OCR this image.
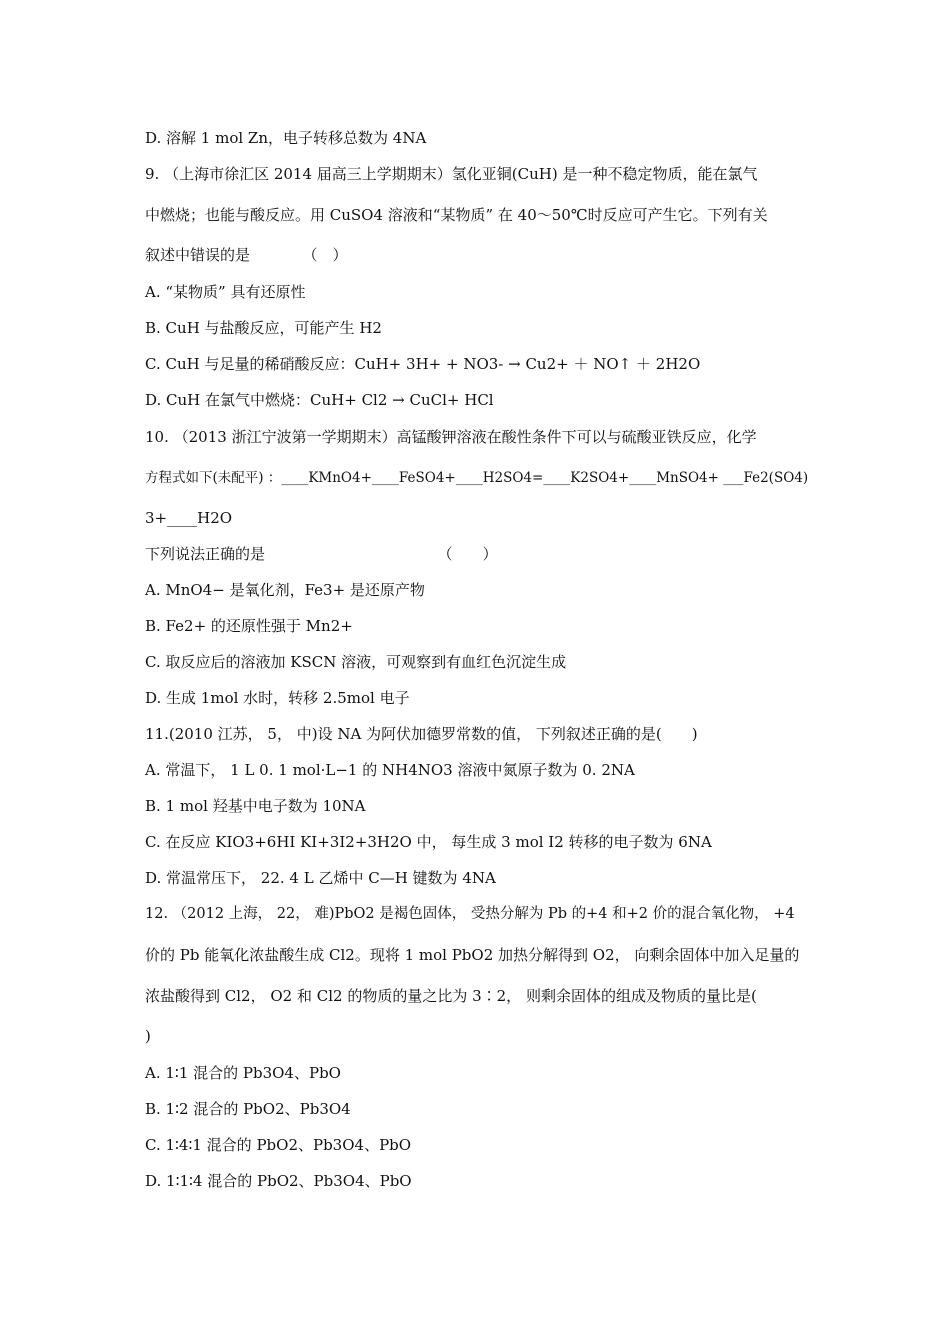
D. 溶解 1 mol Zn，电子转移总数为 4NA
9. （上海市徐汇区 2014 届高三上学期期末）氢化亚铜(CuH) 是一种不稳定物质，能在氯气
中燃烧；也能与酸反应。用 CuSO4 溶液和“某物质” 在 40～50℃时反应可产生它。下列有关
叙述中错误的是　　　　（　）
A. “某物质” 具有还原性
B. CuH 与盐酸反应，可能产生 H2
C. CuH 与足量的稀硝酸反应：CuH+ 3H+ + NO3- → Cu2+ ＋ NO↑ ＋ 2H2O
D. CuH 在氯气中燃烧：CuH+ Cl2 → CuCl+ HCl
10. （2013 浙江宁波第一学期期末）高锰酸钾溶液在酸性条件下可以与硫酸亚铁反应，化学
方程式如下(未配平) ：____KMnO4+____FeSO4+____H2SO4=____K2SO4+____MnSO4+ ___Fe2(SO4)
3+____H2O
下列说法正确的是　　　　　　　　　　　　（　　）
A. MnO4− 是氧化剂，Fe3+ 是还原产物
B. Fe2+ 的还原性强于 Mn2+
C. 取反应后的溶液加 KSCN 溶液，可观察到有血红色沉淀生成
D. 生成 1mol 水时，转移 2.5mol 电子
11.(2010 江苏， 5， 中)设 NA 为阿伏加德罗常数的值， 下列叙述正确的是(　　)
A. 常温下， 1 L 0. 1 mol·L−1 的 NH4NO3 溶液中氮原子数为 0. 2NA
B. 1 mol 羟基中电子数为 10NA
C. 在反应 KIO3+6HI KI+3I2+3H2O 中， 每生成 3 mol I2 转移的电子数为 6NA
D. 常温常压下， 22. 4 L 乙烯中 C—H 键数为 4NA
12. （2012 上海， 22， 难)PbO2 是褐色固体， 受热分解为 Pb 的+4 和+2 价的混合氧化物， +4
价的 Pb 能氧化浓盐酸生成 Cl2。现将 1 mol PbO2 加热分解得到 O2， 向剩余固体中加入足量的
浓盐酸得到 Cl2， O2 和 Cl2 的物质的量之比为 3∶2， 则剩余固体的组成及物质的量比是(
)
A. 1∶1 混合的 Pb3O4、PbO
B. 1∶2 混合的 PbO2、Pb3O4
C. 1∶4∶1 混合的 PbO2、Pb3O4、PbO
D. 1∶1∶4 混合的 PbO2、Pb3O4、PbO
